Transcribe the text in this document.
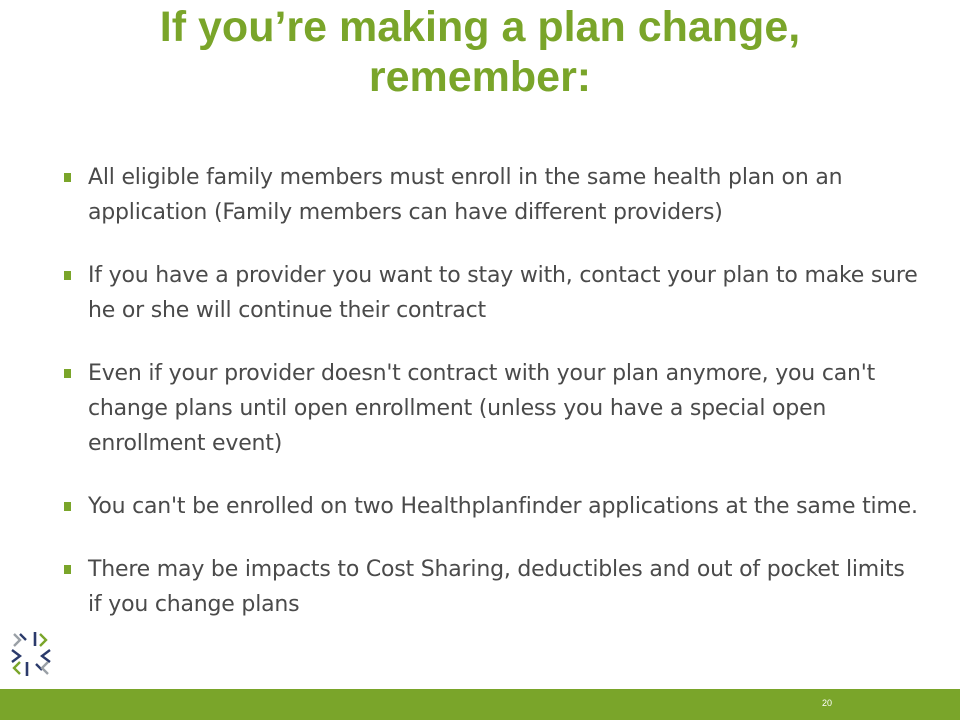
If you’re making a plan change,
remember:
All eligible family members must enroll in the same health plan on an application (Family members can have different providers)
If you have a provider you want to stay with, contact your plan to make sure he or she will continue their contract
Even if your provider doesn't contract with your plan anymore, you can't change plans until open enrollment (unless you have a special open enrollment event)
You can't be enrolled on two Healthplanfinder applications at the same time.
There may be impacts to Cost Sharing, deductibles and out of pocket limits if you change plans
20
